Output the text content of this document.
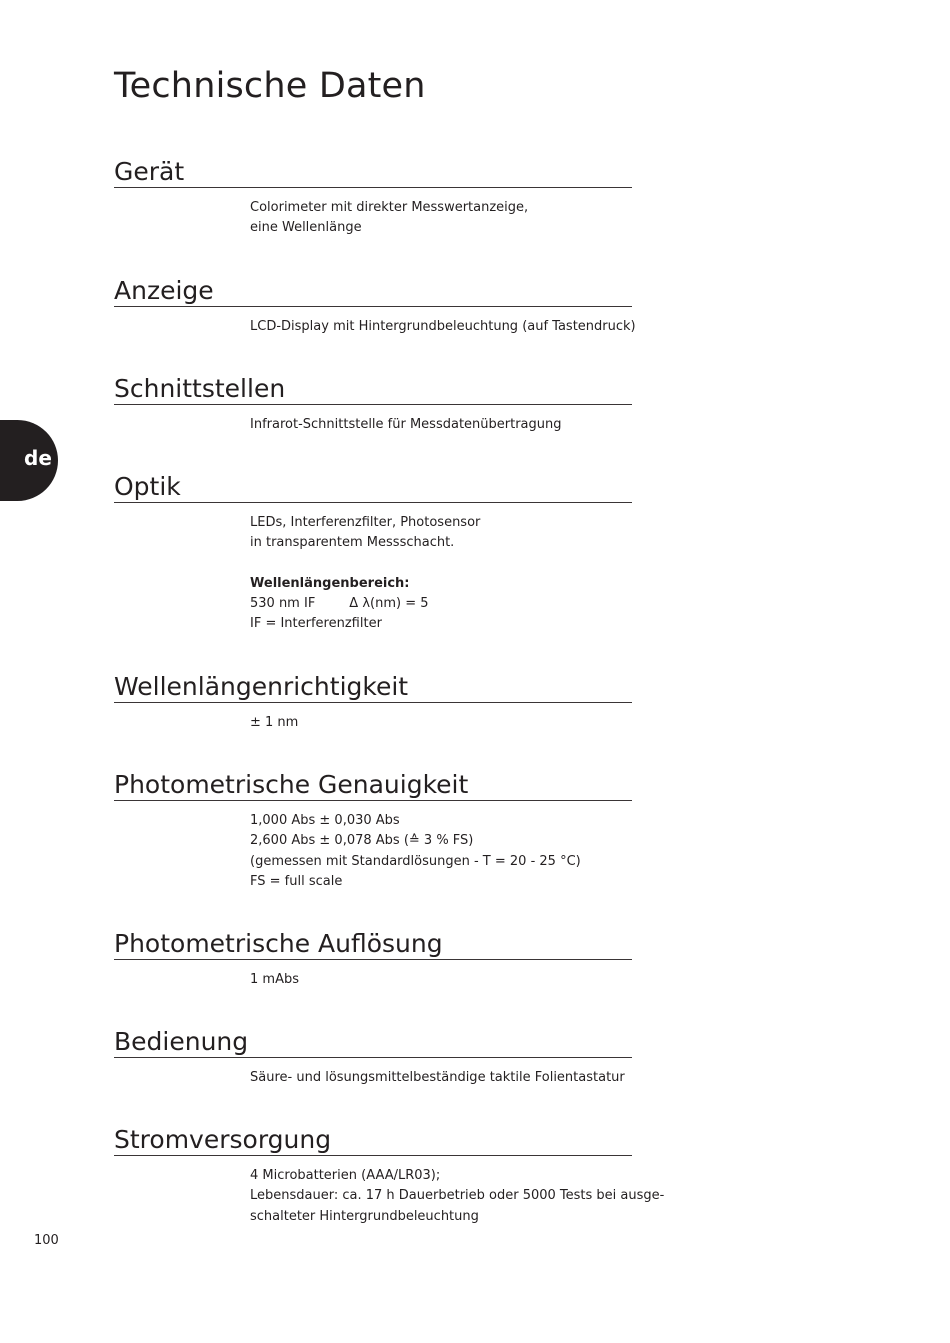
Technische Daten
de
Gerät
Colorimeter mit direkter Messwertanzeige,
eine Wellenlänge
Anzeige
LCD-Display mit Hintergrundbeleuchtung (auf Tastendruck)
Schnittstellen
Infrarot-Schnittstelle für Messdatenübertragung
Optik
LEDs, Interferenzfilter, Photosensor
in transparentem Messschacht.
Wellenlängenbereich:
530 nm IF	Δ λ(nm) = 5
IF = Interferenzfilter
Wellenlängenrichtigkeit
± 1 nm
Photometrische Genauigkeit
1,000 Abs ± 0,030 Abs
2,600 Abs ± 0,078 Abs (≙ 3 % FS)
(gemessen mit Standardlösungen - T = 20 - 25 °C)
FS = full scale
Photometrische Auflösung
1 mAbs
Bedienung
Säure- und lösungsmittelbeständige taktile Folientastatur
Stromversorgung
4 Microbatterien (AAA/LR03);
Lebensdauer: ca. 17 h Dauerbetrieb oder 5000 Tests bei ausge-
schalteter Hintergrundbeleuchtung
100
